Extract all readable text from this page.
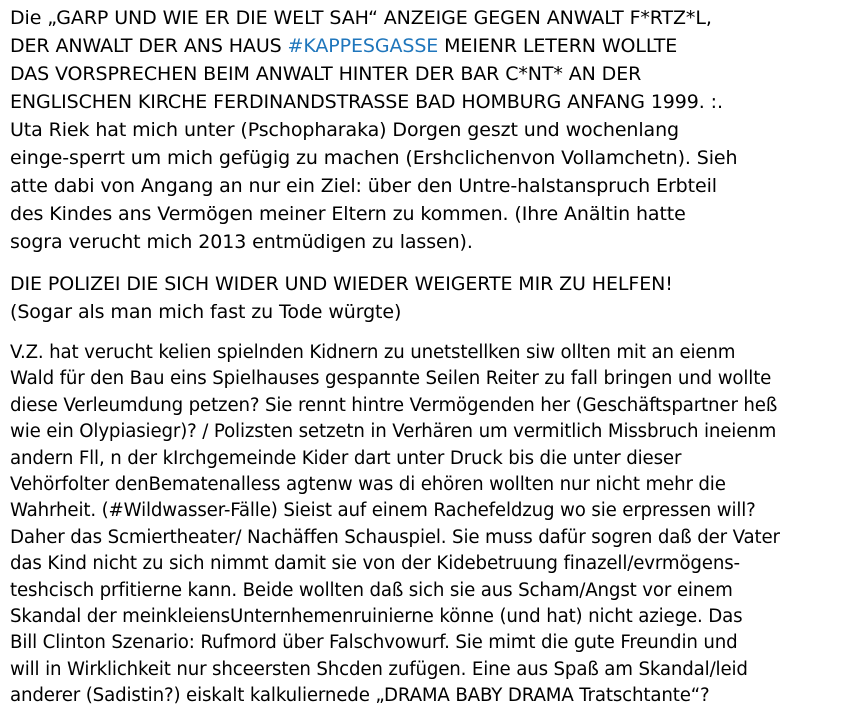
Die „GARP UND WIE ER DIE WELT SAH“ ANZEIGE GEGEN ANWALT F*RTZ*L,
DER ANWALT DER ANS HAUS #KAPPESGASSE MEIENR LETERN WOLLTE
DAS VORSPRECHEN BEIM ANWALT HINTER DER BAR C*NT* AN DER
ENGLISCHEN KIRCHE FERDINANDSTRASSE BAD HOMBURG ANFANG 1999. :.
Uta Riek hat mich unter (Pschopharaka) Dorgen geszt und wochenlang
einge-sperrt um mich gefügig zu machen (Ershclichenvon Vollamchetn). Sieh
atte dabi von Angang an nur ein Ziel: über den Untre-halstanspruch Erbteil
des Kindes ans Vermögen meiner Eltern zu kommen. (Ihre Anältin hatte
sogra verucht mich 2013 entmüdigen zu lassen).
DIE POLIZEI DIE SICH WIDER UND WIEDER WEIGERTE MIR ZU HELFEN!
(Sogar als man mich fast zu Tode würgte)
V.Z. hat verucht kelien spielnden Kidnern zu unetstellken siw ollten mit an eienm
Wald für den Bau eins Spielhauses gespannte Seilen Reiter zu fall bringen und wollte
diese Verleumdung petzen? Sie rennt hintre Vermögenden her (Geschäftspartner heß
wie ein Olypiasiegr)? / Polizsten setzetn in Verhären um vermitlich Missbruch ineienm
andern Fll, n der kIrchgemeinde Kider dart unter Druck bis die unter dieser
Vehörfolter denBematenalless agtenw was di ehören wollten nur nicht mehr die
Wahrheit. (#Wildwasser-Fälle) Sieist auf einem Rachefeldzug wo sie erpressen will?
Daher das Scmiertheater/ Nachäffen Schauspiel. Sie muss dafür sogren daß der Vater
das Kind nicht zu sich nimmt damit sie von der Kidebetruung finazell/evrmögens-
teshcisch prfitierne kann. Beide wollten daß sich sie aus Scham/Angst vor einem
Skandal der meinkleiensUnternhemenruinierne könne (und hat) nicht aziege. Das
Bill Clinton Szenario: Rufmord über Falschvowurf. Sie mimt die gute Freundin und
will in Wirklichkeit nur shceersten Shcden zufügen. Eine aus Spaß am Skandal/leid
anderer (Sadistin?) eiskalt kalkuliernede „DRAMA BABY DRAMA Tratschtante“?
